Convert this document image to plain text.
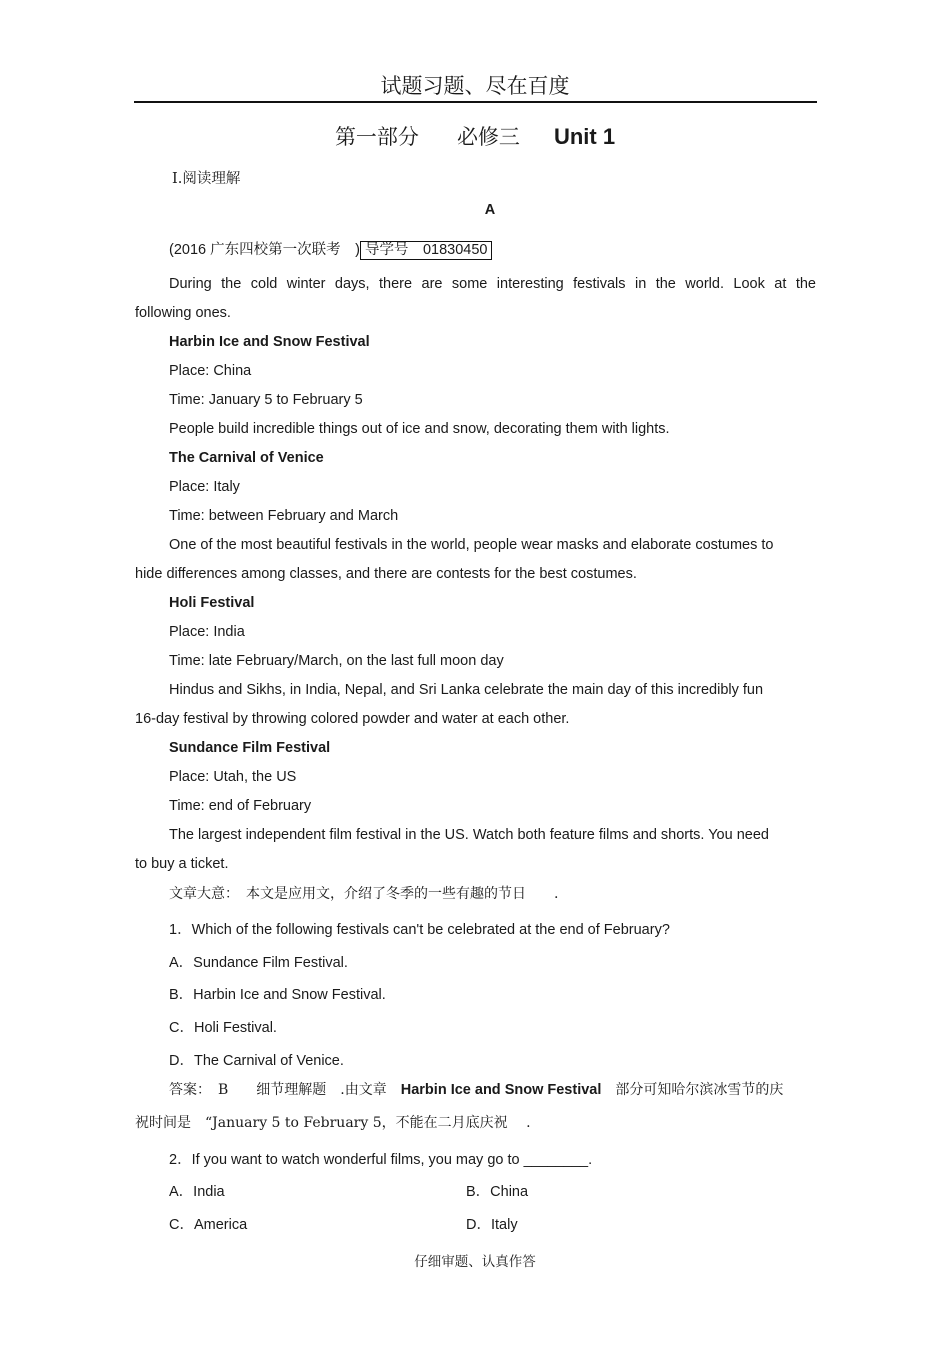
试题习题、尽在百度
第一部分 必修三 Unit 1
Ⅰ.阅读理解
A
(2016 广东四校第一次联考　) 导学号　01830450
During the cold winter days, there are some interesting festivals in the world. Look at the
following ones.
Harbin Ice and Snow Festival
Place: China
Time: January 5 to February 5
People build incredible things out of ice and snow, decorating them with lights.
The Carnival of Venice
Place: Italy
Time: between February and March
One of the most beautiful festivals in the world, people wear masks and elaborate costumes to
hide differences among classes, and there are contests for the best costumes.
Holi Festival
Place: India
Time: late February/March, on the last full moon day
Hindus and Sikhs, in India, Nepal, and Sri Lanka celebrate the main day of this incredibly fun
16-day festival by throwing colored powder and water at each other.
Sundance Film Festival
Place: Utah, the US
Time: end of February
The largest independent film festival in the US. Watch both feature films and shorts. You need
to buy a ticket.
文章大意：　本文是应用文，介绍了冬季的一些有趣的节日　　.
1．Which of the following festivals can't be celebrated at the end of February?
A．Sundance Film Festival.
B．Harbin Ice and Snow Festival.
C．Holi Festival.
D．The Carnival of Venice.
答案：　B　　细节理解题　.由文章　Harbin Ice and Snow Festival　部分可知哈尔滨冰雪节的庆
祝时间是　“January 5 to February 5，不能在二月底庆祝　 .
2．If you want to watch wonderful films, you may go to ________.
A．India	B．China
C．America	D．Italy
仔细审题、认真作答
